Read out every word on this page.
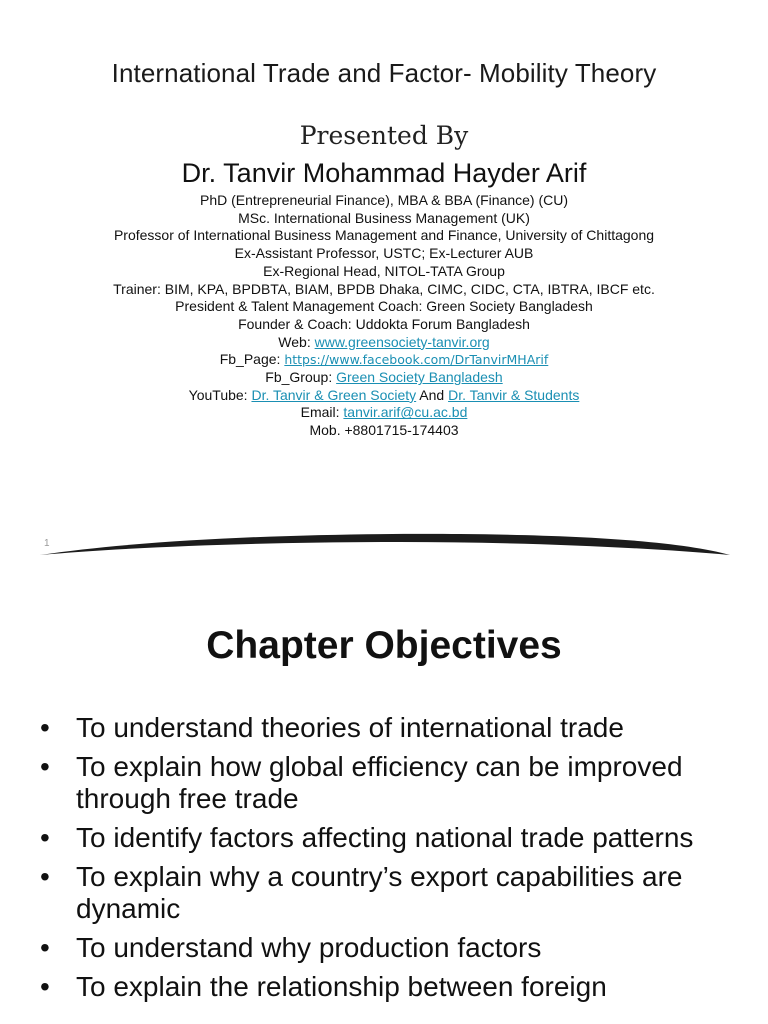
International Trade and Factor- Mobility Theory
Presented By
Dr. Tanvir Mohammad Hayder Arif
PhD (Entrepreneurial Finance), MBA & BBA (Finance) (CU)
MSc. International Business Management (UK)
Professor of International Business Management and Finance, University of Chittagong
Ex-Assistant Professor, USTC; Ex-Lecturer AUB
Ex-Regional Head, NITOL-TATA Group
Trainer: BIM, KPA, BPDBTA, BIAM, BPDB Dhaka, CIMC, CIDC, CTA, IBTRA, IBCF etc.
President & Talent Management Coach: Green Society Bangladesh
Founder & Coach: Uddokta Forum Bangladesh
Web: www.greensociety-tanvir.org
Fb_Page: https://www.facebook.com/DrTanvirMHArif
Fb_Group: Green Society Bangladesh
YouTube: Dr. Tanvir & Green Society And Dr. Tanvir & Students
Email: tanvir.arif@cu.ac.bd
Mob. +8801715-174403
1
Chapter Objectives
• To understand theories of international trade
• To explain how global efficiency can be improved through free trade
• To identify factors affecting national trade patterns
• To explain why a country’s export capabilities are dynamic
• To understand why production factors
• To explain the relationship between foreign
